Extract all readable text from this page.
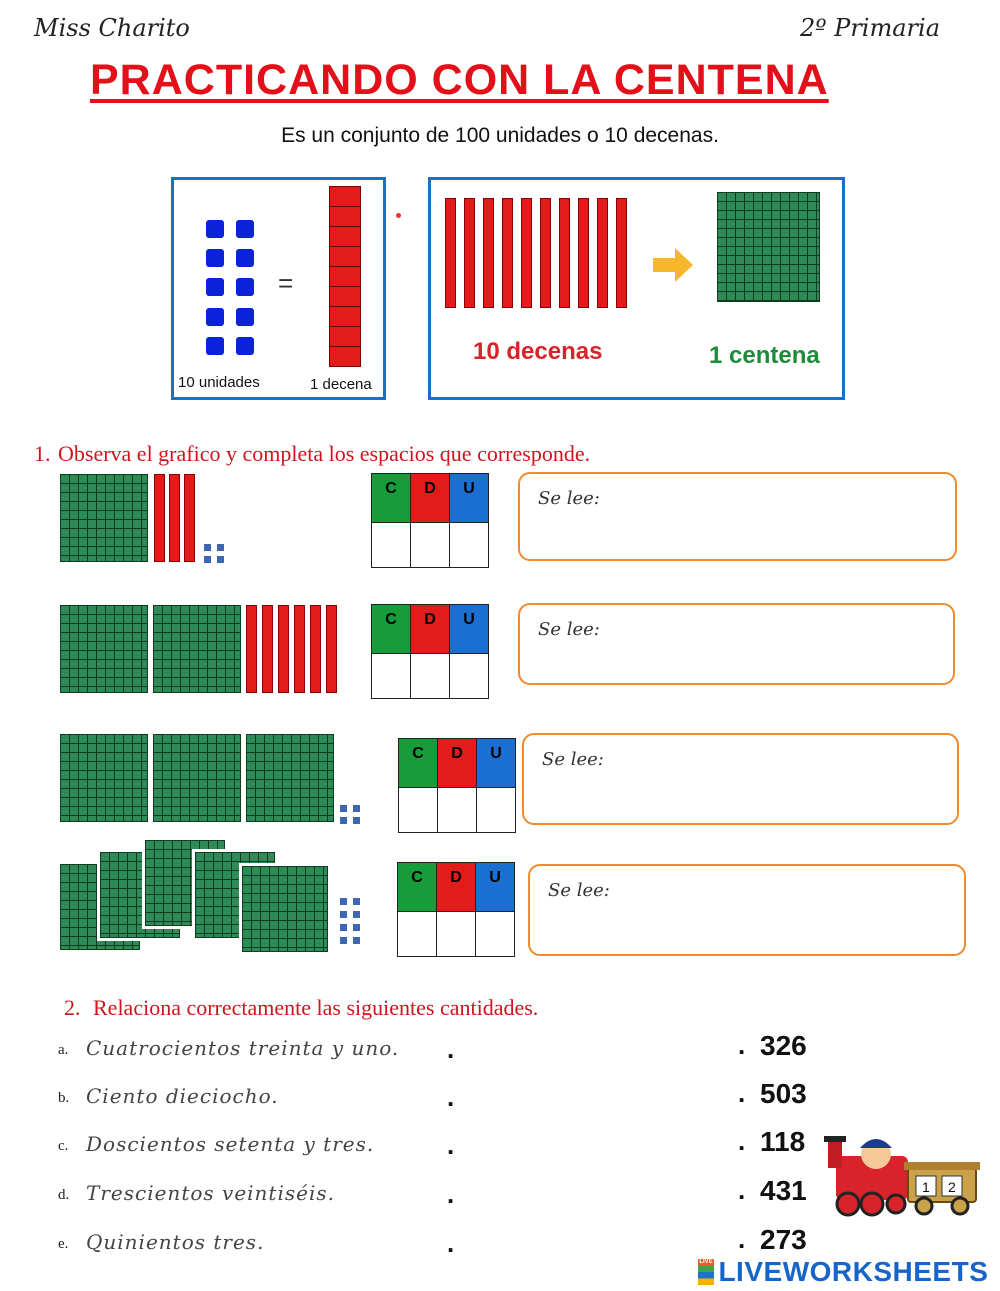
Miss Charito	2º Primaria
PRACTICANDO CON LA CENTENA
Es un conjunto de 100 unidades o 10 decenas.
=
10 unidades	1 decena
10 decenas	1 centena
1. Observa el grafico y completa los espacios que corresponde.
C	D	U
			Se lee:
C	D	U
			Se lee:
C	D	U
		Se lee:
C	D	U

Se lee:
2. Relaciona correctamente las siguientes cantidades.
a. Cuatrocientos treinta y uno. .	. 326
b. Ciento dieciocho.	.	. 503
c. Doscientos setenta y tres.	.	. 118
d. Trescientos veintiséis.	.	. 431
e. Quinientos tres.	.	. 273
1 2
LIVE LIVEWORKSHEETS
